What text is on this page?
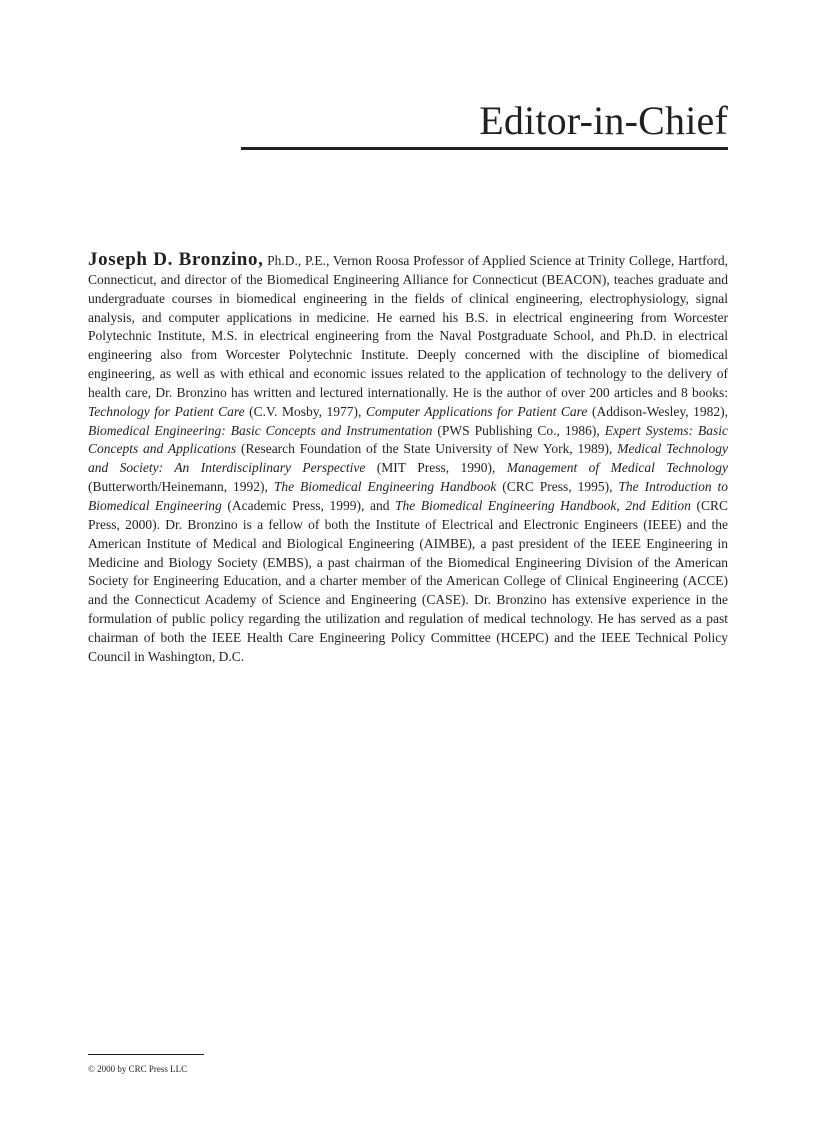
Editor-in-Chief

Joseph D. Bronzino, Ph.D., P.E., Vernon Roosa Professor of Applied Science at Trinity College, Hartford, Connecticut, and director of the Biomedical Engineering Alliance for Connecticut (BEACON), teaches graduate and undergraduate courses in biomedical engineering in the fields of clinical engineering, electrophysiology, signal analysis, and computer applications in medicine. He earned his B.S. in electrical engineering from Worcester Polytechnic Institute, M.S. in electrical engineering from the Naval Postgraduate School, and Ph.D. in electrical engineering also from Worcester Polytechnic Institute. Deeply concerned with the discipline of biomedical engineering, as well as with ethical and economic issues related to the application of technology to the delivery of health care, Dr. Bronzino has written and lectured internationally. He is the author of over 200 articles and 8 books: Technology for Patient Care (C.V. Mosby, 1977), Computer Applications for Patient Care (Addison-Wesley, 1982), Biomedical Engineering: Basic Concepts and Instrumentation (PWS Publishing Co., 1986), Expert Systems: Basic Concepts and Applications (Research Foundation of the State University of New York, 1989), Medical Technology and Society: An Interdisciplinary Perspective (MIT Press, 1990), Management of Medical Technology (Butterworth/Heinemann, 1992), The Biomedical Engineering Handbook (CRC Press, 1995), The Introduction to Biomedical Engineering (Academic Press, 1999), and The Biomedical Engineering Handbook, 2nd Edition (CRC Press, 2000). Dr. Bronzino is a fellow of both the Institute of Electrical and Electronic Engineers (IEEE) and the American Institute of Medical and Biological Engineering (AIMBE), a past president of the IEEE Engineering in Medicine and Biology Society (EMBS), a past chairman of the Biomedical Engineering Division of the American Society for Engineering Education, and a charter member of the American College of Clinical Engineering (ACCE) and the Connecticut Academy of Science and Engineering (CASE). Dr. Bronzino has extensive experience in the formulation of public policy regarding the utilization and regulation of medical technology. He has served as a past chairman of both the IEEE Health Care Engineering Policy Committee (HCEPC) and the IEEE Technical Policy Council in Washington, D.C.

© 2000 by CRC Press LLC
